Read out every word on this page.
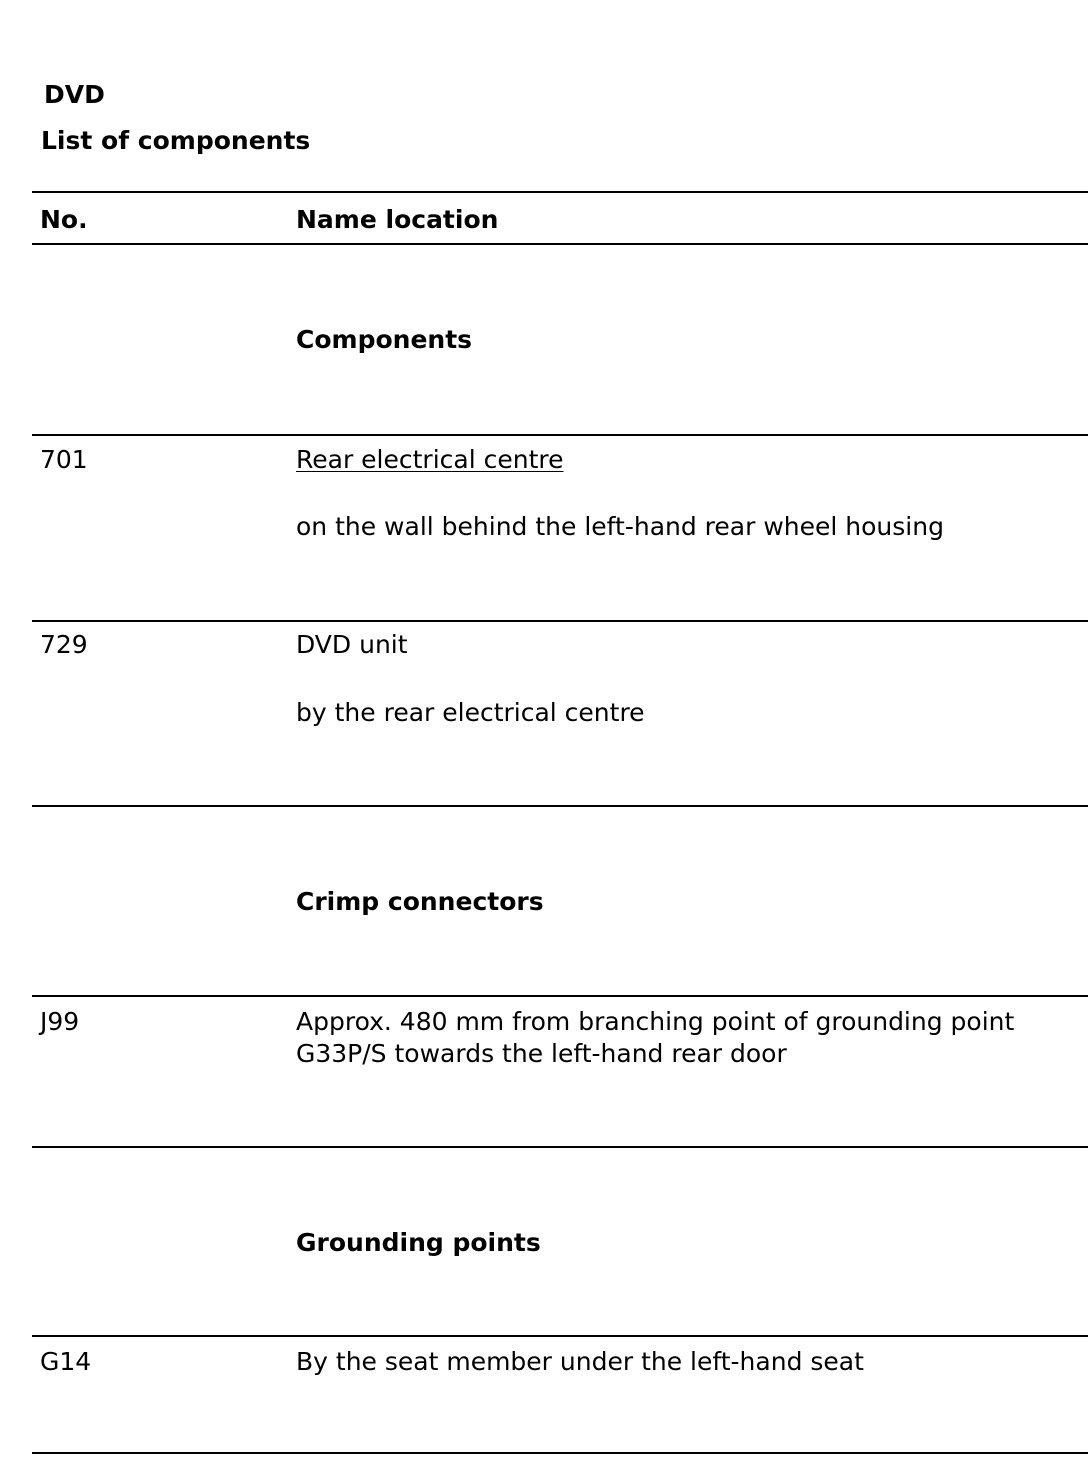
DVD
List of components
No.	Name location
Components
701	Rear electrical centre
on the wall behind the left-hand rear wheel housing
729	DVD unit
by the rear electrical centre
Crimp connectors
J99	Approx. 480 mm from branching point of grounding point
G33P/S towards the left-hand rear door
Grounding points
G14	By the seat member under the left-hand seat
